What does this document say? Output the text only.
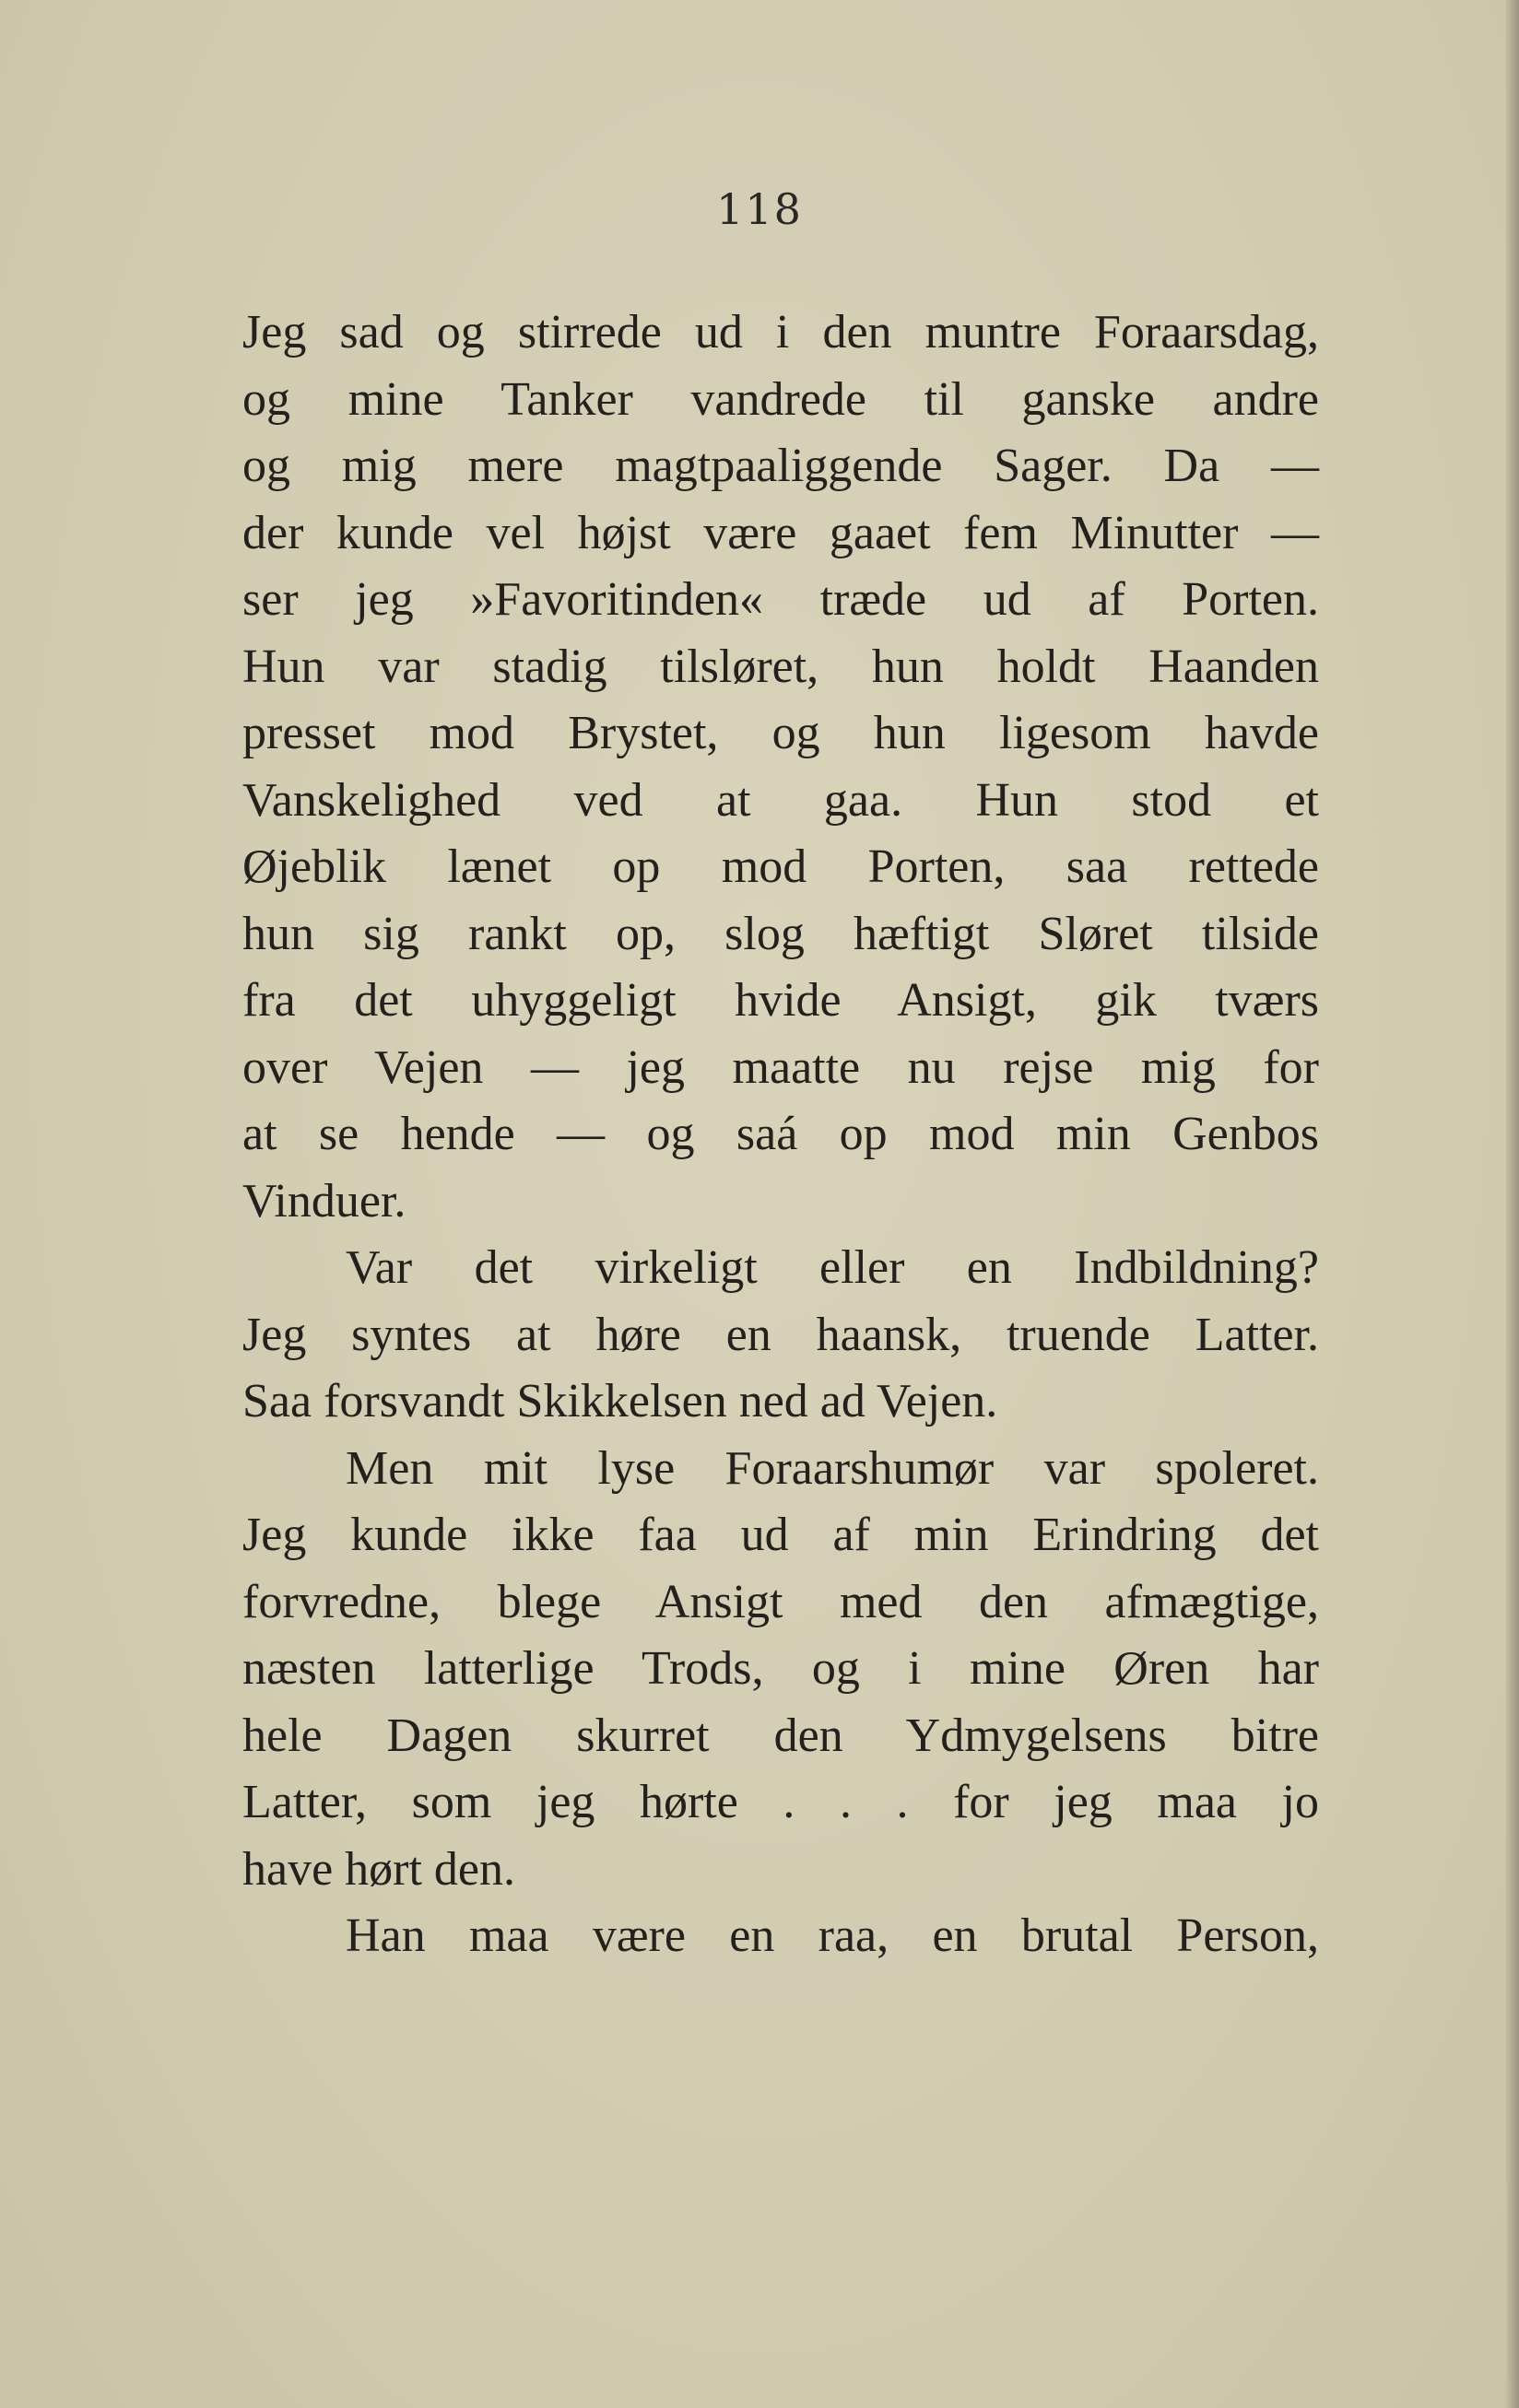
118
Jeg sad og stirrede ud i den muntre Foraarsdag,
og mine Tanker vandrede til ganske andre
og mig mere magtpaaliggende Sager. Da —
der kunde vel højst være gaaet fem Minutter —
ser jeg »Favoritinden« træde ud af Porten.
Hun var stadig tilsløret, hun holdt Haanden
presset mod Brystet, og hun ligesom havde
Vanskelighed ved at gaa. Hun stod et
Øjeblik lænet op mod Porten, saa rettede
hun sig rankt op, slog hæftigt Sløret tilside
fra det uhyggeligt hvide Ansigt, gik tværs
over Vejen — jeg maatte nu rejse mig for
at se hende — og saá op mod min Genbos
Vinduer.
Var det virkeligt eller en Indbildning?
Jeg syntes at høre en haansk, truende Latter.
Saa forsvandt Skikkelsen ned ad Vejen.
Men mit lyse Foraarshumør var spoleret.
Jeg kunde ikke faa ud af min Erindring det
forvredne, blege Ansigt med den afmægtige,
næsten latterlige Trods, og i mine Øren har
hele Dagen skurret den Ydmygelsens bitre
Latter, som jeg hørte . . . for jeg maa jo
have hørt den.
Han maa være en raa, en brutal Person,
